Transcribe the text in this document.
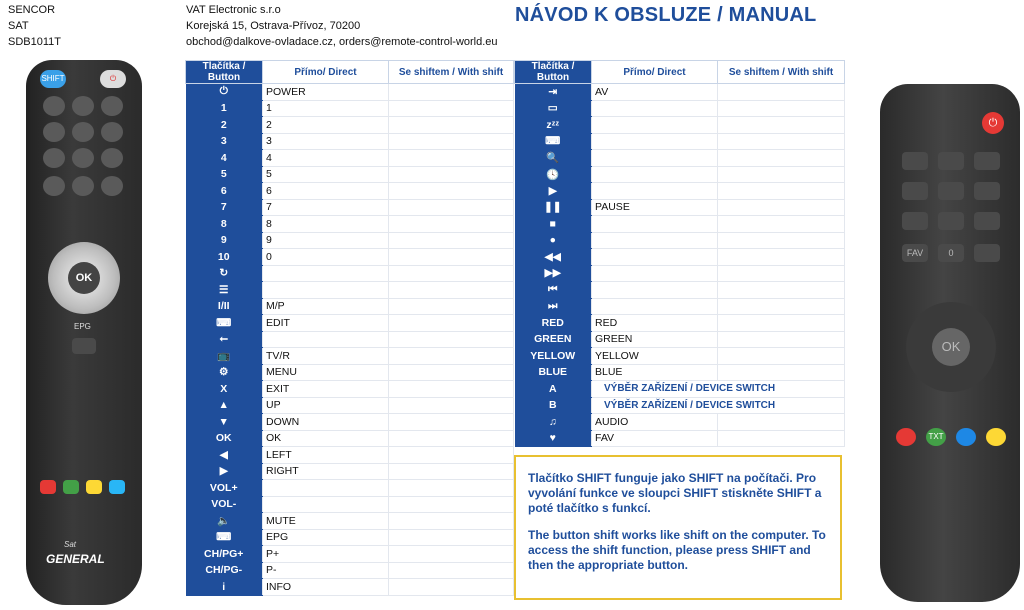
SENCOR
SAT
SDB1011T
VAT Electronic s.r.o
Korejská 15, Ostrava-Přívoz, 70200
obchod@dalkove-ovladace.cz, orders@remote-control-world.eu
NÁVOD K OBSLUZE / MANUAL
SHIFT	⏻
OK
EPG
GENERAL
Sat
Tlačítka / Button	Přímo/ Direct	Se shiftem / With shift
⏻	POWER	
1	1	
2	2	
3	3	
4	4	
5	5	
6	6	
7	7	
8	8	
9	9	
10	0	
↻		
☰		
I/II	M/P	
⌨	EDIT	
⭠		
📺	TV/R	
⚙	MENU	
X	EXIT	
▲	UP	
▼	DOWN	
OK	OK	
◀	LEFT	
▶	RIGHT	
VOL+		
VOL-		
🔈	MUTE	
⌨	EPG	
CH/PG+	P+	
CH/PG-	P-	
i	INFO	
Tlačítka / Button	Přímo/ Direct	Se shiftem / With shift
⇥	AV	
▭		
zᶻᶻ		
⌨		
🔍		
🕓		
▶		
❚❚	PAUSE	
■		
●		
◀◀		
▶▶		
⏮		
⏭		
RED	RED	
GREEN	GREEN	
YELLOW	YELLOW	
BLUE	BLUE	
A	VÝBĚR ZAŘÍZENÍ / DEVICE SWITCH	
B	VÝBĚR ZAŘÍZENÍ / DEVICE SWITCH	
♫	AUDIO	
♥	FAV	

Tlačítko SHIFT funguje jako SHIFT na počítači. Pro vyvolání funkce ve sloupci SHIFT stiskněte SHIFT a poté tlačítko s funkcí.

The button shift works like shift on the computer. To access the shift function, please press SHIFT and then the appropriate button.

⏻
FAV	0
OK
TXT
